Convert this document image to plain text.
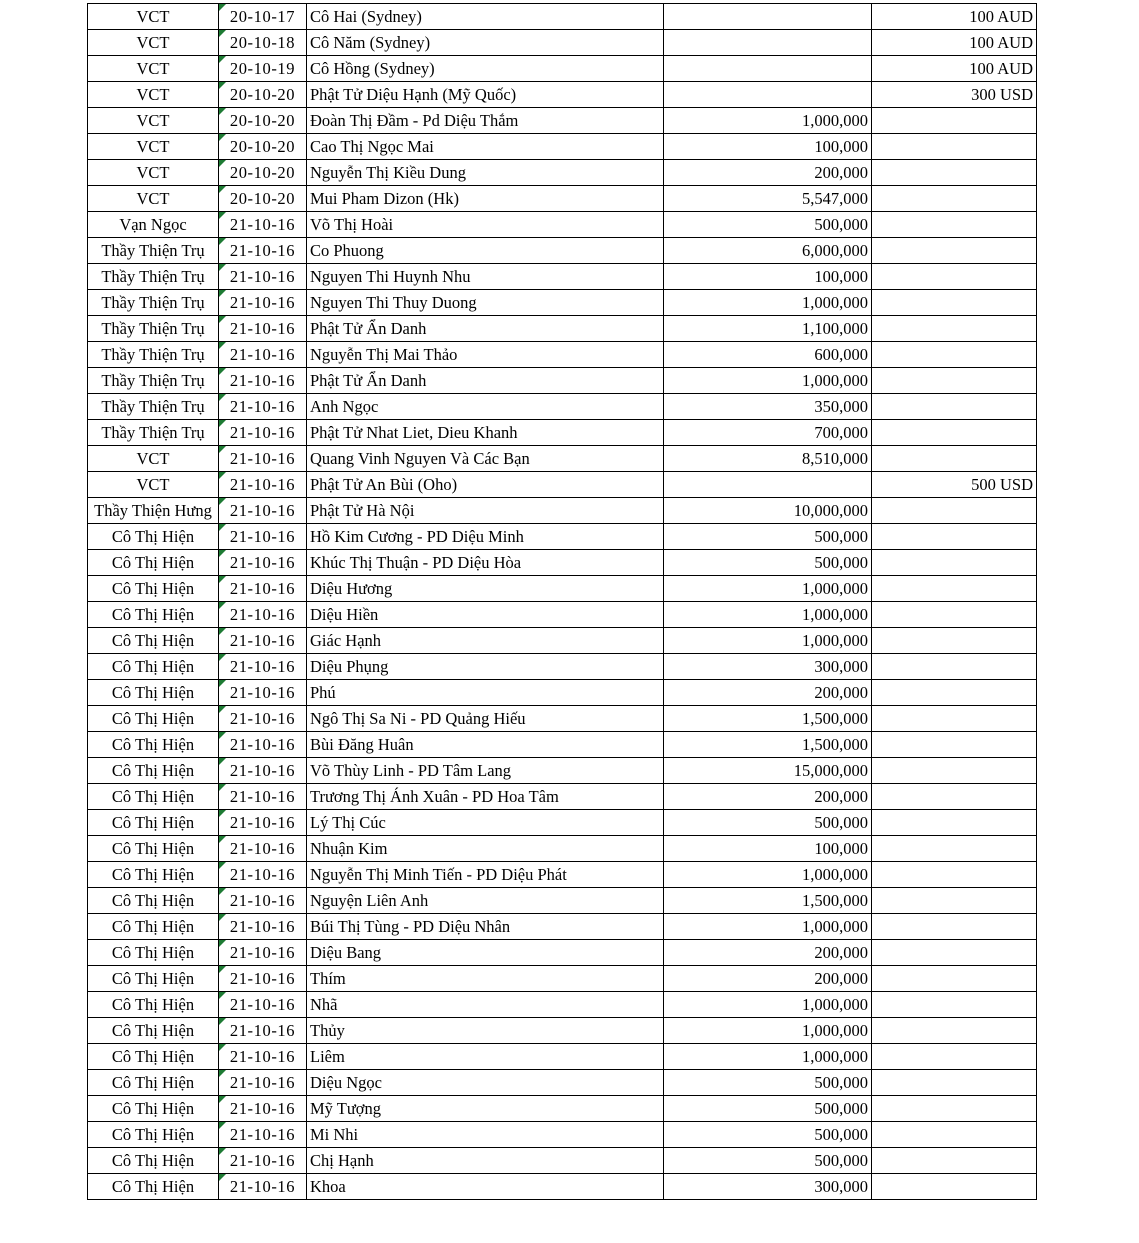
VCT	20-10-17	Cô Hai (Sydney)		100 AUD
VCT	20-10-18	Cô Năm (Sydney)		100 AUD
VCT	20-10-19	Cô Hồng (Sydney)		100 AUD
VCT	20-10-20	Phật Tử Diệu Hạnh (Mỹ Quốc)		300 USD
VCT	20-10-20	Đoàn Thị Đầm - Pd Diệu Thắm	1,000,000	
VCT	20-10-20	Cao Thị Ngọc Mai	100,000	
VCT	20-10-20	Nguyễn Thị Kiều Dung	200,000	
VCT	20-10-20	Mui Pham Dizon (Hk)	5,547,000	
Vạn Ngọc	21-10-16	Võ Thị Hoài	500,000	
Thầy Thiện Trụ	21-10-16	Co Phuong	6,000,000	
Thầy Thiện Trụ	21-10-16	Nguyen Thi Huynh Nhu	100,000	
Thầy Thiện Trụ	21-10-16	Nguyen Thi Thuy Duong	1,000,000	
Thầy Thiện Trụ	21-10-16	Phật Tử Ẩn Danh	1,100,000	
Thầy Thiện Trụ	21-10-16	Nguyễn Thị Mai Thảo	600,000	
Thầy Thiện Trụ	21-10-16	Phật Tử Ẩn Danh	1,000,000	
Thầy Thiện Trụ	21-10-16	Anh Ngọc	350,000	
Thầy Thiện Trụ	21-10-16	Phật Tử Nhat Liet, Dieu Khanh	700,000	
VCT	21-10-16	Quang Vinh Nguyen Và Các Bạn	8,510,000	
VCT	21-10-16	Phật Tử An Bùi (Oho)		500 USD
Thầy Thiện Hưng	21-10-16	Phật Tử Hà Nội	10,000,000	
Cô Thị Hiện	21-10-16	Hồ Kim Cương - PD Diệu Minh	500,000	
Cô Thị Hiện	21-10-16	Khúc Thị Thuận - PD Diệu Hòa	500,000	
Cô Thị Hiện	21-10-16	Diệu Hương	1,000,000	
Cô Thị Hiện	21-10-16	Diệu Hiền	1,000,000	
Cô Thị Hiện	21-10-16	Giác Hạnh	1,000,000	
Cô Thị Hiện	21-10-16	Diệu Phụng	300,000	
Cô Thị Hiện	21-10-16	Phú	200,000	
Cô Thị Hiện	21-10-16	Ngô Thị Sa Ni - PD Quảng Hiếu	1,500,000	
Cô Thị Hiện	21-10-16	Bùi Đăng Huân	1,500,000	
Cô Thị Hiện	21-10-16	Võ Thùy Linh - PD Tâm Lang	15,000,000	
Cô Thị Hiện	21-10-16	Trương Thị Ánh Xuân - PD Hoa Tâm	200,000	
Cô Thị Hiện	21-10-16	Lý Thị Cúc	500,000	
Cô Thị Hiện	21-10-16	Nhuận Kim	100,000	
Cô Thị Hiện	21-10-16	Nguyễn Thị Minh Tiến - PD Diệu Phát	1,000,000	
Cô Thị Hiện	21-10-16	Nguyện Liên Anh	1,500,000	
Cô Thị Hiện	21-10-16	Búi Thị Tùng - PD Diệu Nhân	1,000,000	
Cô Thị Hiện	21-10-16	Diệu Bang	200,000	
Cô Thị Hiện	21-10-16	Thím	200,000	
Cô Thị Hiện	21-10-16	Nhã	1,000,000	
Cô Thị Hiện	21-10-16	Thủy	1,000,000	
Cô Thị Hiện	21-10-16	Liêm	1,000,000	
Cô Thị Hiện	21-10-16	Diệu Ngọc	500,000	
Cô Thị Hiện	21-10-16	Mỹ Tượng	500,000	
Cô Thị Hiện	21-10-16	Mi Nhi	500,000	
Cô Thị Hiện	21-10-16	Chị Hạnh	500,000	
Cô Thị Hiện	21-10-16	Khoa	300,000	
